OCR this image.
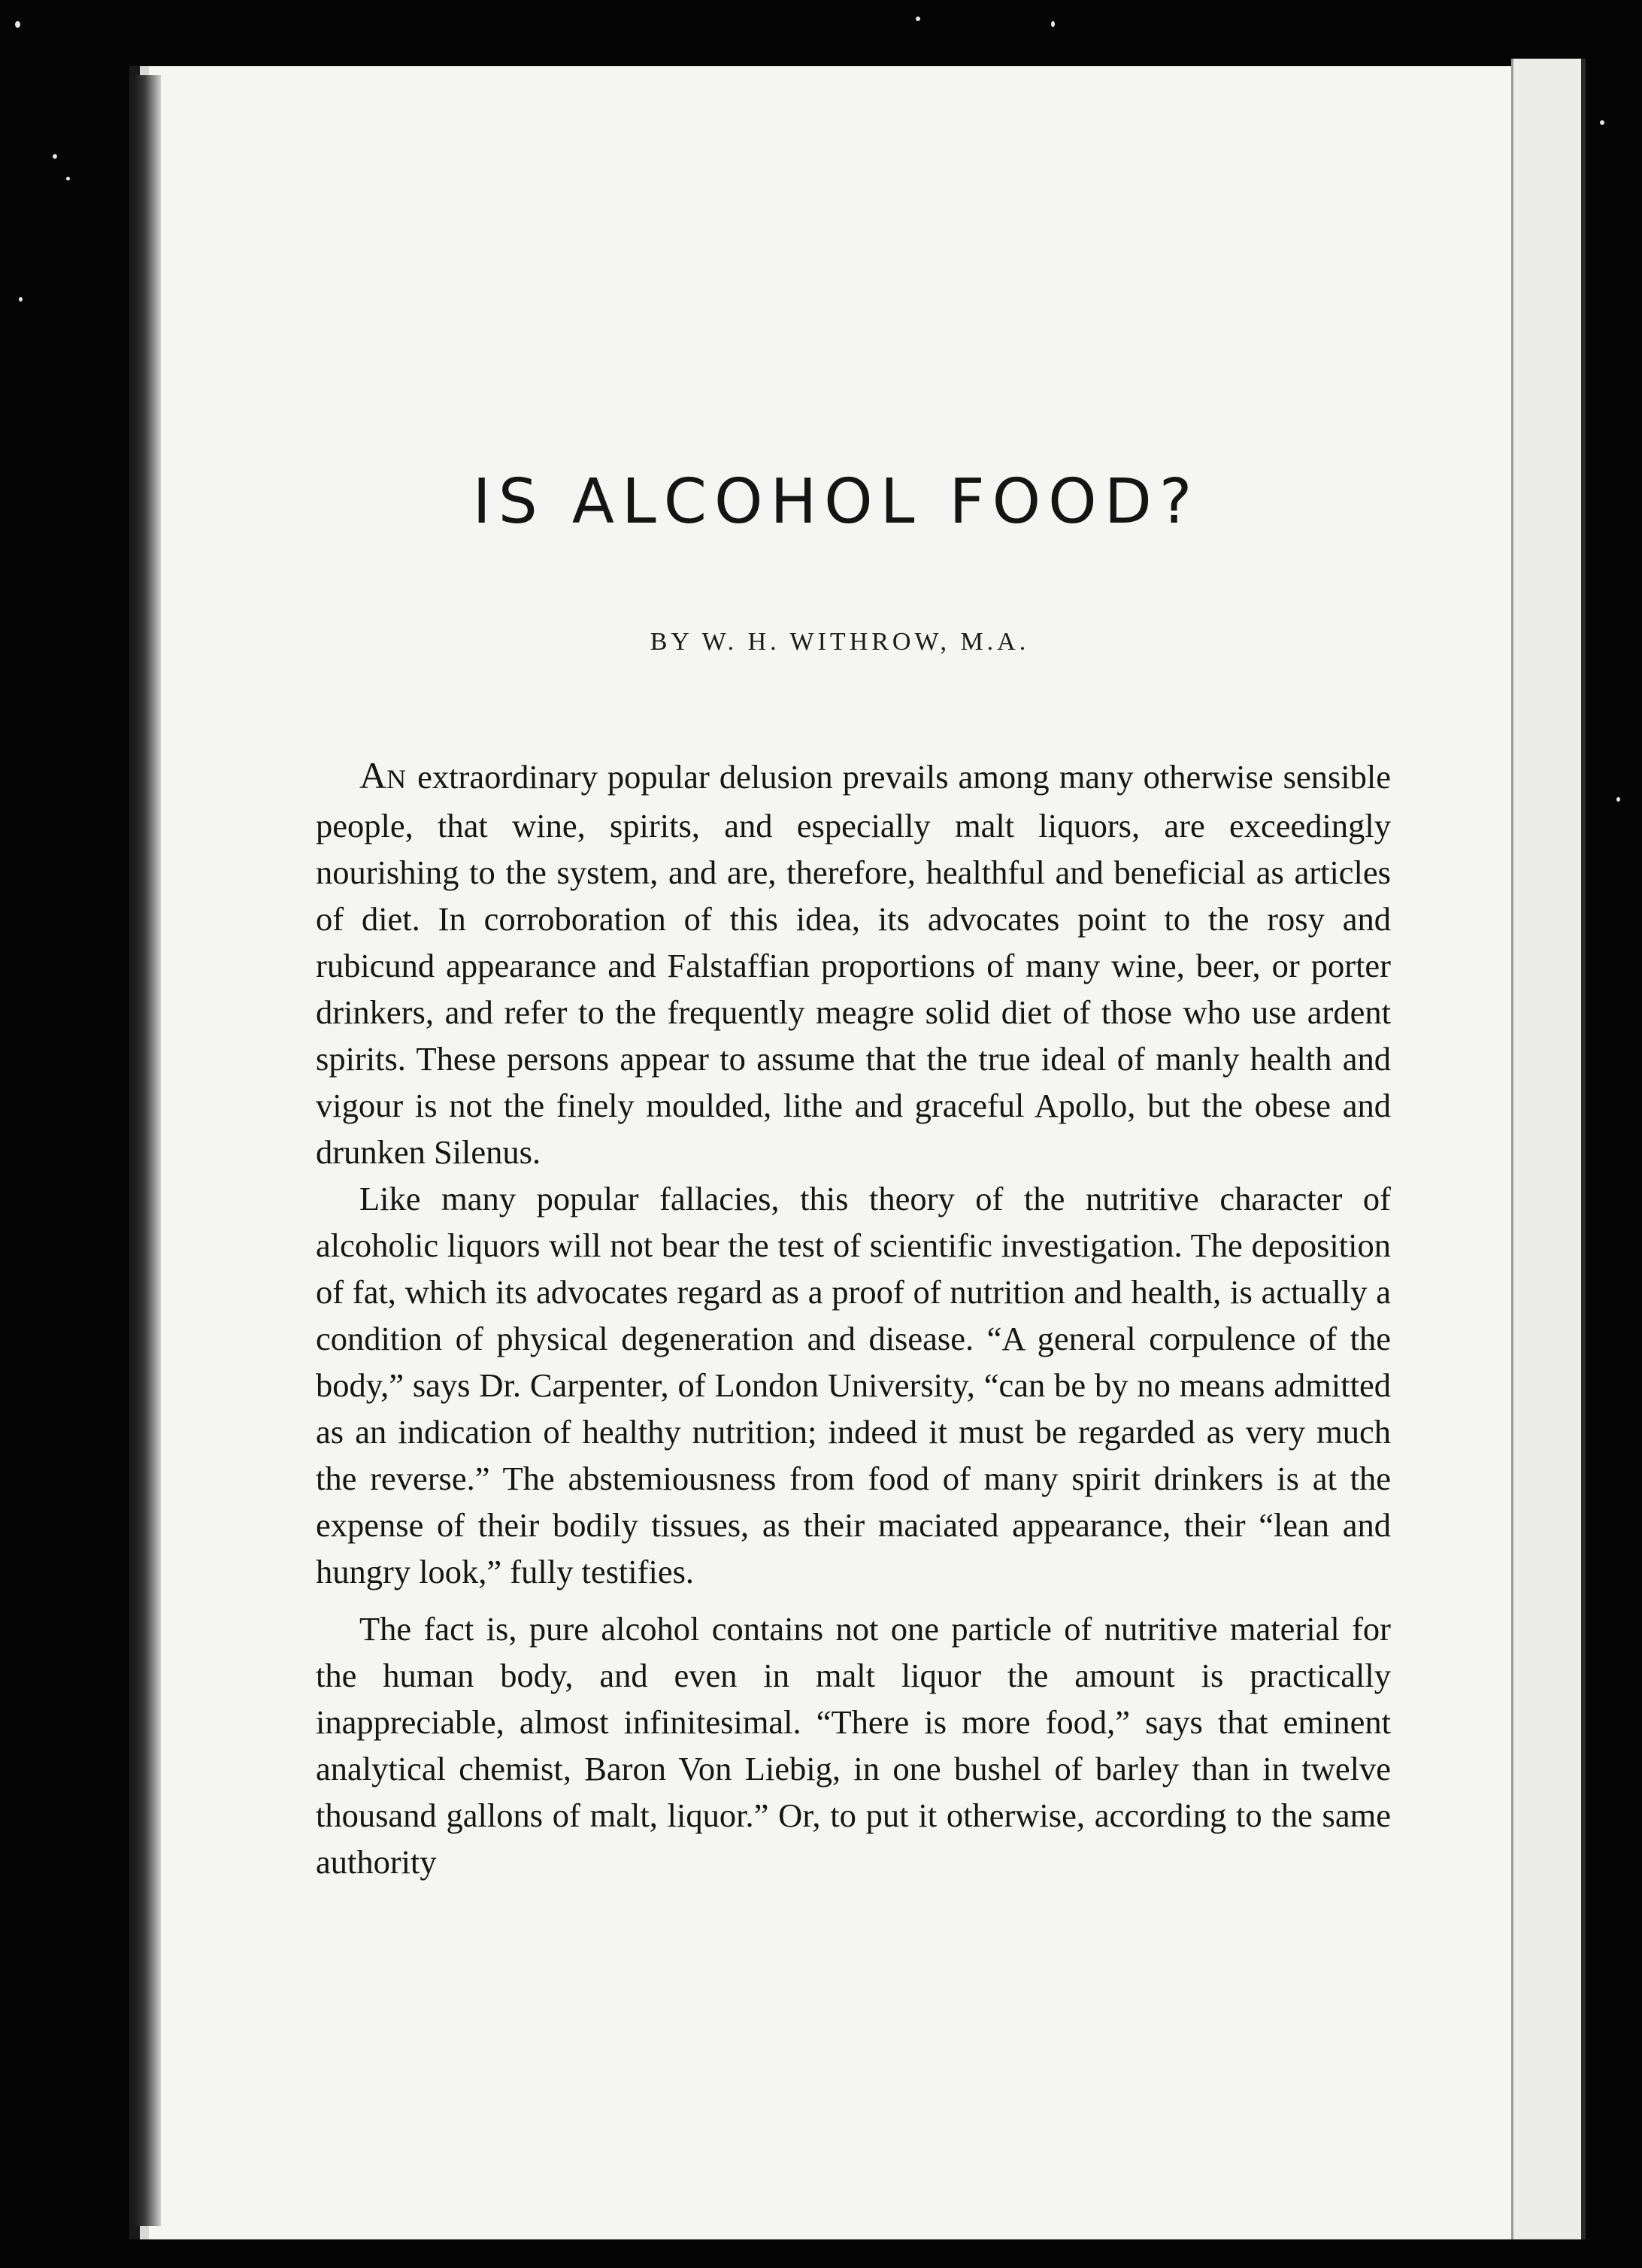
IS ALCOHOL FOOD?
BY W. H. WITHROW, M.A.

AN extraordinary popular delusion prevails among many otherwise sensible people, that wine, spirits, and especially malt liquors, are exceedingly nourishing to the system, and are, therefore, healthful and beneficial as articles of diet. In corroboration of this idea, its advocates point to the rosy and rubicund appearance and Falstaffian proportions of many wine, beer, or porter drinkers, and refer to the frequently meagre solid diet of those who use ardent spirits. These persons appear to assume that the true ideal of manly health and vigour is not the finely moulded, lithe and graceful Apollo, but the obese and drunken Silenus.

Like many popular fallacies, this theory of the nutritive character of alcoholic liquors will not bear the test of scientific investigation. The deposition of fat, which its advocates regard as a proof of nutrition and health, is actually a condition of physical degeneration and disease. “A general corpulence of the body,” says Dr. Carpenter, of London University, “can be by no means admitted as an indication of healthy nutrition; indeed it must be regarded as very much the reverse.” The abstemiousness from food of many spirit drinkers is at the expense of their bodily tissues, as their maciated appearance, their “lean and hungry look,” fully testifies.

The fact is, pure alcohol contains not one particle of nutritive material for the human body, and even in malt liquor the amount is practically inappreciable, almost infinitesimal. “There is more food,” says that eminent analytical chemist, Baron Von Liebig, in one bushel of barley than in twelve thousand gallons of malt, liquor.” Or, to put it otherwise, according to the same authority
